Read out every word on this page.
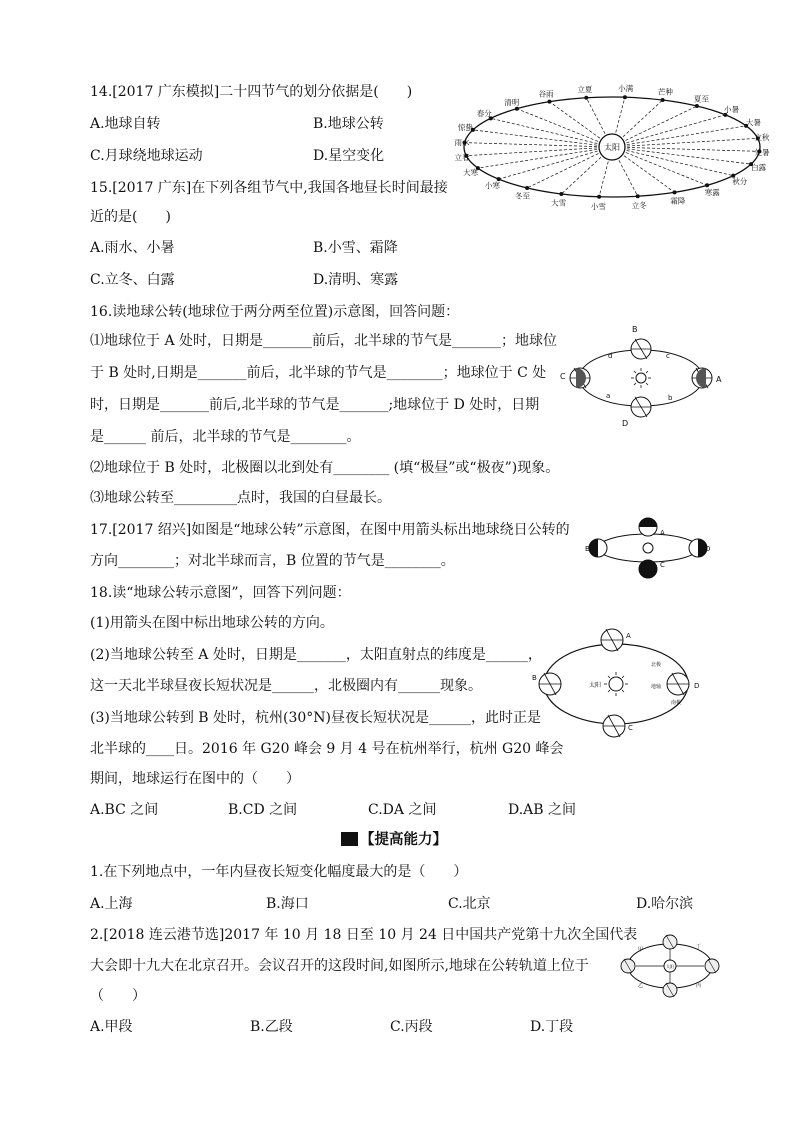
14.[2017 广东模拟]二十四节气的划分依据是(　　)
A.地球自转	B.地球公转
C.月球绕地球运动	D.星空变化
15.[2017 广东]在下列各组节气中,我国各地昼长时间最接
近的是(　　)
A.雨水、小暑	B.小雪、霜降
C.立冬、白露	D.清明、寒露
16.读地球公转(地球位于两分两至位置)示意图，回答问题：
⑴地球位于 A 处时，日期是_______前后，北半球的节气是_______；地球位
于 B 处时,日期是_______前后，北半球的节气是________；地球位于 C 处
时，日期是_______前后,北半球的节气是_______;地球位于 D 处时，日期
是______ 前后，北半球的节气是________。
⑵地球位于 B 处时，北极圈以北到处有________ (填“极昼”或“极夜”)现象。
⑶地球公转至_________点时，我国的白昼最长。
17.[2017 绍兴]如图是“地球公转”示意图，在图中用箭头标出地球绕日公转的
方向________；对北半球而言，B 位置的节气是________。
18.读“地球公转示意图”，回答下列问题：
(1)用箭头在图中标出地球公转的方向。
(2)当地球公转至 A 处时，日期是_______，太阳直射点的纬度是______，
这一天北半球昼夜长短状况是______，北极圈内有______现象。
(3)当地球公转到 B 处时，杭州(30°N)昼夜长短状况是______，此时正是
北半球的____日。2016 年 G20 峰会 9 月 4 号在杭州举行，杭州 G20 峰会
期间，地球运行在图中的（　　）
A.BC 之间	B.CD 之间	C.DA 之间	D.AB 之间
【提高能力】
1.在下列地点中，一年内昼夜长短变化幅度最大的是（　　）
A.上海	B.海口	C.北京	D.哈尔滨
2.[2018 连云港节选]2017 年 10 月 18 日至 10 月 24 日中国共产党第十九次全国代表
大会即十九大在北京召开。会议召开的这段时间,如图所示,地球在公转轨道上位于
（　　）
A.甲段	B.乙段	C.丙段	D.丁段
太阳
立夏
谷雨
清明
春分
惊蛰
雨水
立春
大寒
小寒
冬至
大雪	小雪	立冬
霜降
寒露
秋分
白露
处暑
立秋
大暑
小暑
夏至
芒种
小满
B
C	A
D
a	b
c
d
A
B
C
D
太阳
A
B
C
D
北极
地轴
南极
太阳
甲
乙	丙
丁
